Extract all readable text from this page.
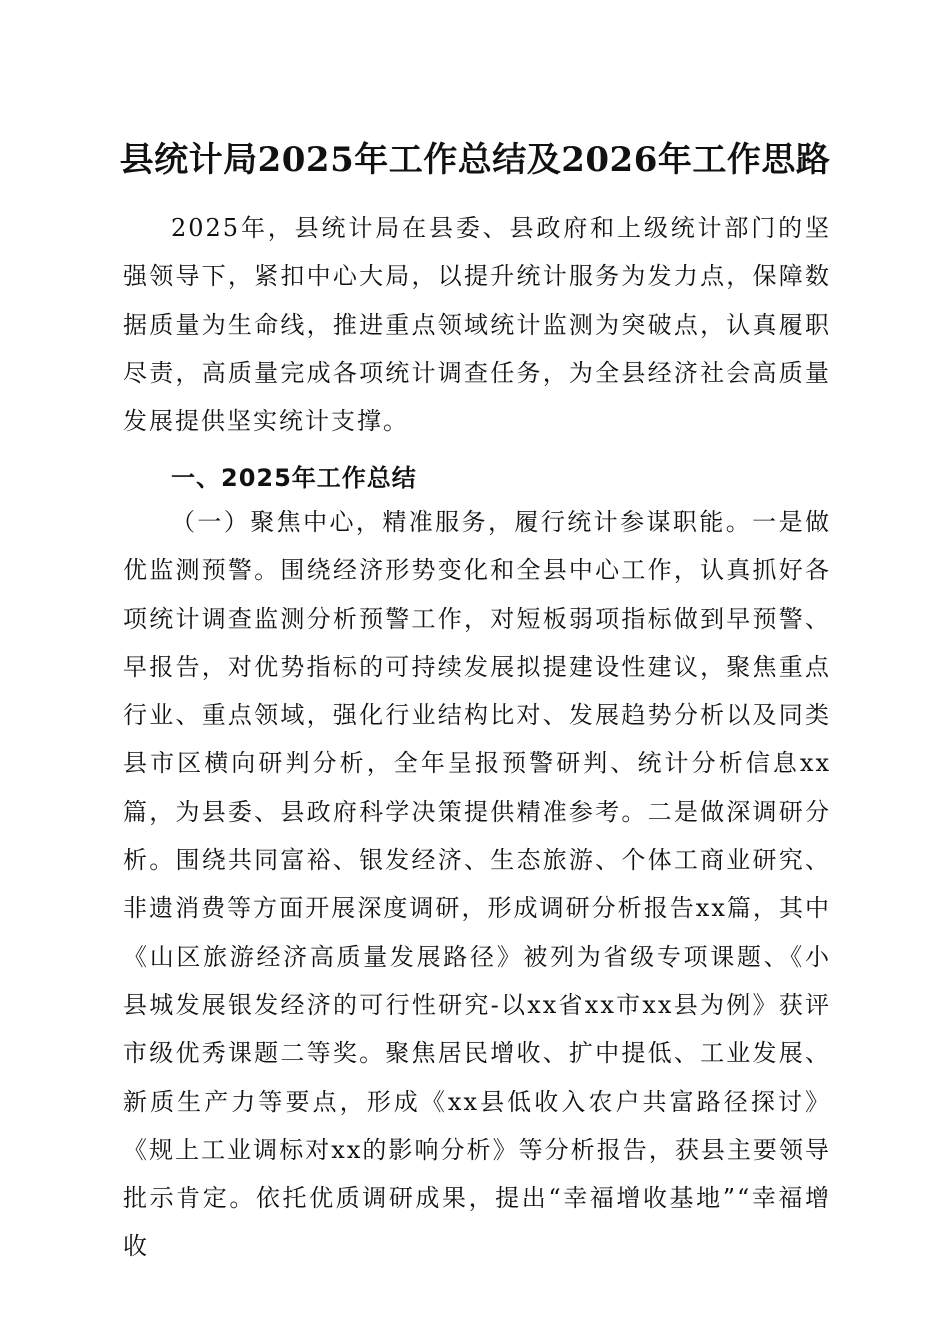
县统计局2025年工作总结及2026年工作思路

2025年，县统计局在县委、县政府和上级统计部门的坚强领导下，紧扣中心大局，以提升统计服务为发力点，保障数据质量为生命线，推进重点领域统计监测为突破点，认真履职尽责，高质量完成各项统计调查任务，为全县经济社会高质量发展提供坚实统计支撑。

一、2025年工作总结

（一）聚焦中心，精准服务，履行统计参谋职能。一是做优监测预警。围绕经济形势变化和全县中心工作，认真抓好各项统计调查监测分析预警工作，对短板弱项指标做到早预警、早报告，对优势指标的可持续发展拟提建设性建议，聚焦重点行业、重点领域，强化行业结构比对、发展趋势分析以及同类县市区横向研判分析，全年呈报预警研判、统计分析信息xx篇，为县委、县政府科学决策提供精准参考。二是做深调研分析。围绕共同富裕、银发经济、生态旅游、个体工商业研究、非遗消费等方面开展深度调研，形成调研分析报告xx篇，其中《山区旅游经济高质量发展路径》被列为省级专项课题、《小县城发展银发经济的可行性研究-以xx省xx市xx县为例》获评市级优秀课题二等奖。聚焦居民增收、扩中提低、工业发展、新质生产力等要点，形成《xx县低收入农户共富路径探讨》《规上工业调标对xx的影响分析》等分析报告，获县主要领导批示肯定。依托优质调研成果，提出“幸福增收基地”“幸福增收
